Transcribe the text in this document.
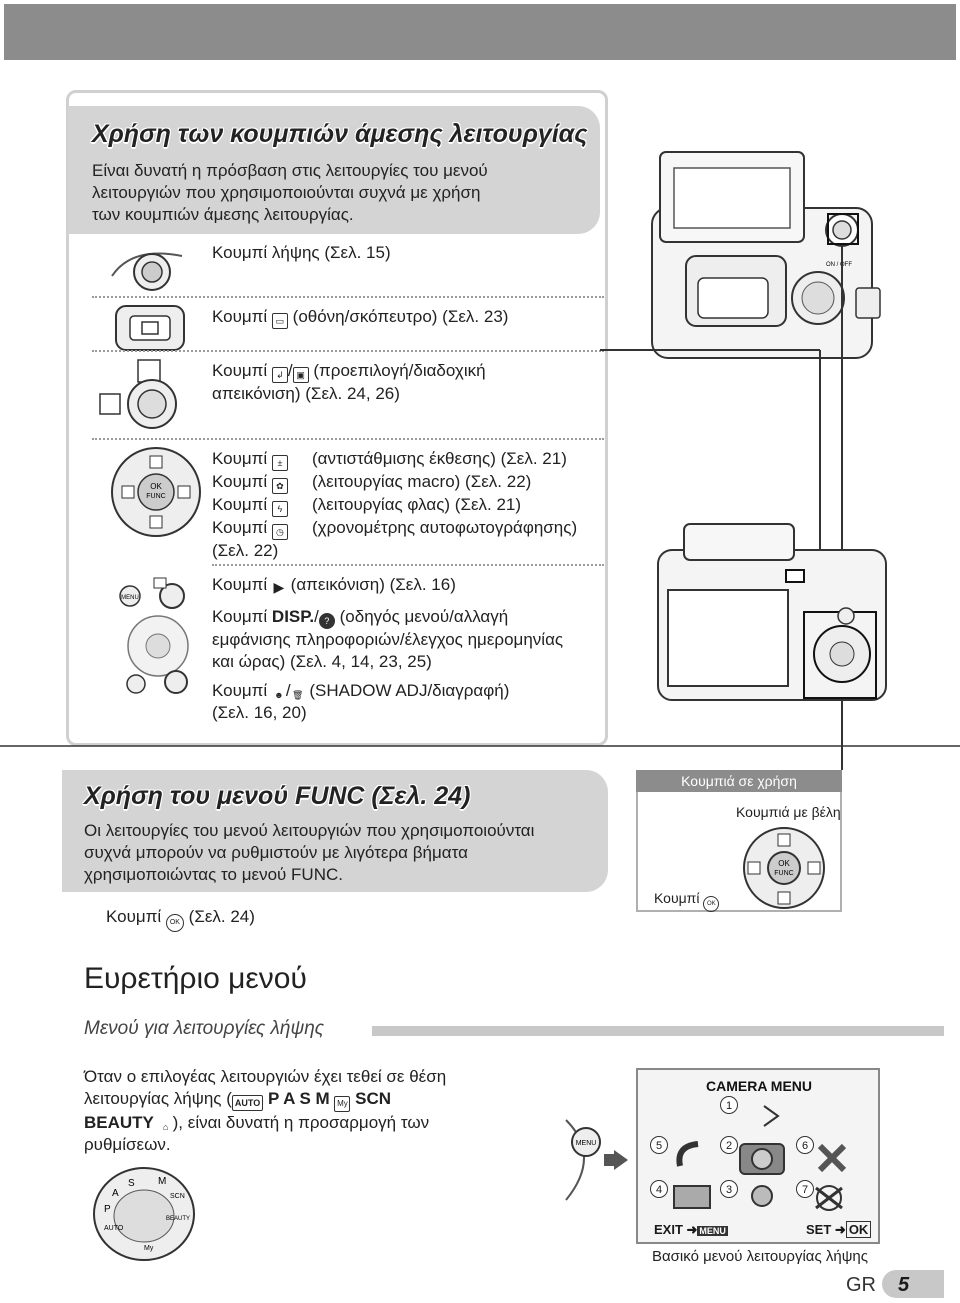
Χρήση των κουμπιών άμεσης λειτουργίας
Είναι δυνατή η πρόσβαση στις λειτουργίες του μενού
λειτουργιών που χρησιμοποιούνται συχνά με χρήση
των κουμπιών άμεσης λειτουργίας.
OK
FUNC
MENU
Κουμπί λήψης (Σελ. 15)
Κουμπί ▭ (οθόνη/σκόπευτρο) (Σελ. 23)
Κουμπί ↲ / ▣ (προεπιλογή/διαδοχική
απεικόνιση) (Σελ. 24, 26)
Κουμπί ±	(αντιστάθμισης έκθεσης) (Σελ. 21)
Κουμπί ✿	(λειτουργίας macro) (Σελ. 22)
Κουμπί ϟ	(λειτουργίας φλας) (Σελ. 21)
Κουμπί ◷	(χρονομέτρης αυτοφωτογράφησης)
(Σελ. 22)
Κουμπί ▶ (απεικόνιση) (Σελ. 16)
Κουμπί DISP./ ? (οδηγός μενού/αλλαγή
εμφάνισης πληροφοριών/έλεγχος ημερομηνίας
και ώρας) (Σελ. 4, 14, 23, 25)
Κουμπί ☻ /🗑 (SHADOW ADJ/διαγραφή)
(Σελ. 16, 20)
ON / OFF
Χρήση του μενού FUNC (Σελ. 24)
Οι λειτουργίες του μενού λειτουργιών που χρησιμοποιούνται
συχνά μπορούν να ρυθμιστούν με λιγότερα βήματα
χρησιμοποιώντας το μενού FUNC.
Κουμπί OK (Σελ. 24)
Κουμπιά σε χρήση
Κουμπιά με βέλη
OK
FUNC
Κουμπί OK
Ευρετήριο μενού
Μενού για λειτουργίες λήψης
Όταν ο επιλογέας λειτουργιών έχει τεθεί σε θέση
λειτουργίας λήψης ( AUTO P A S M My SCN
BEAUTY ⌂ ), είναι δυνατή η προσαρμογή των
ρυθμίσεων.
M
S
A
P
AUTO
SCN
BEAUTY
My
MENU
CAMERA MENU
1
2
3
4
5	6
7
EXIT ➜ MENU	SET ➜ OK
Βασικό μενού λειτουργίας λήψης
GR 5
